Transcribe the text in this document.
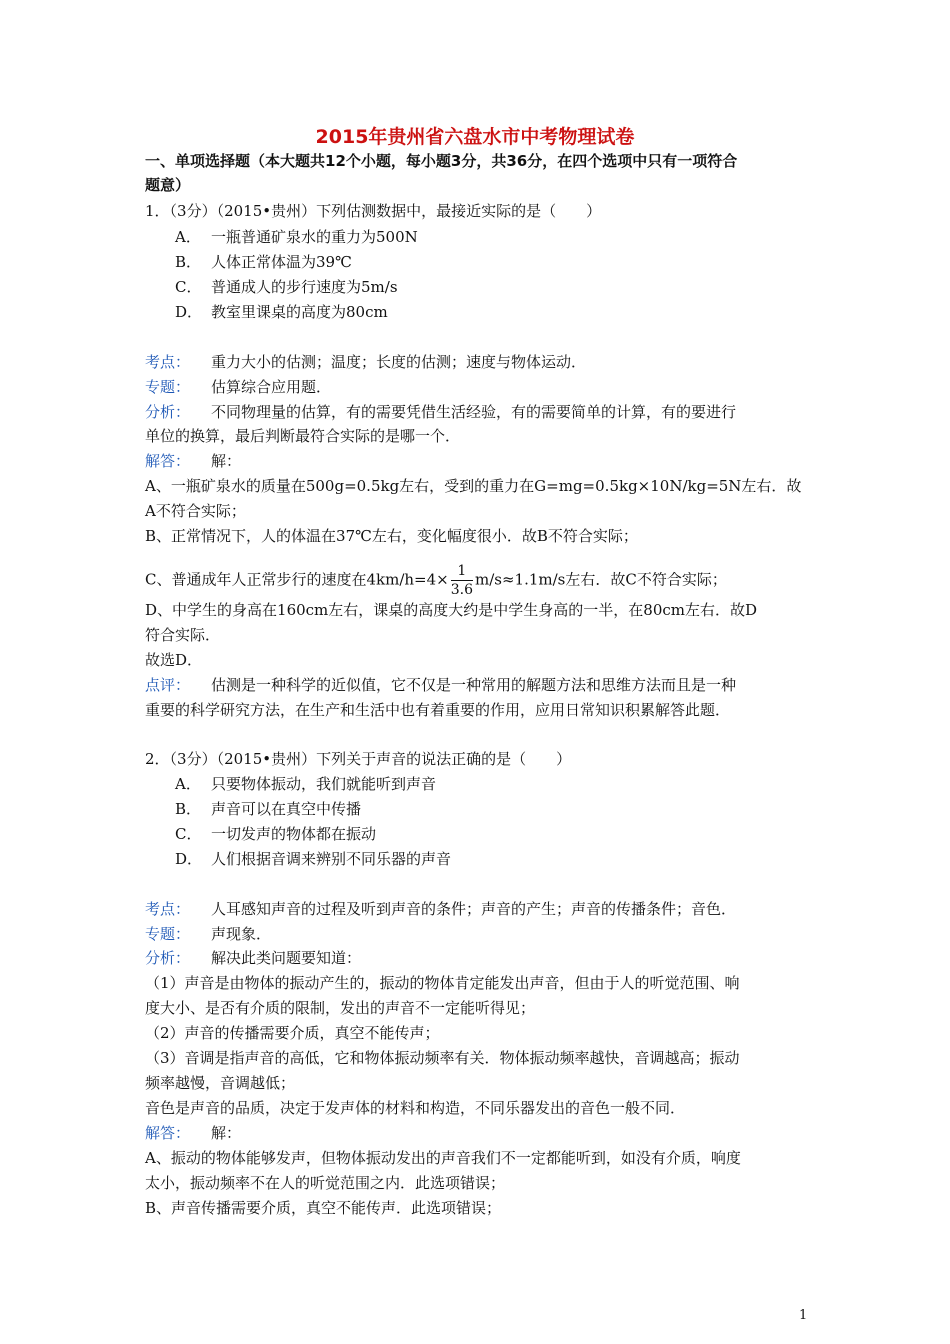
2015年贵州省六盘水市中考物理试卷
一、单项选择题（本大题共12个小题，每小题3分，共36分，在四个选项中只有一项符合
题意）
1．（3分）（2015•贵州）下列估测数据中，最接近实际的是（　　）
A． 一瓶普通矿泉水的重力为500N
B． 人体正常体温为39℃
C． 普通成人的步行速度为5m/s
D． 教室里课桌的高度为80cm
考点： 重力大小的估测；温度；长度的估测；速度与物体运动．
专题： 估算综合应用题．
分析： 不同物理量的估算，有的需要凭借生活经验，有的需要简单的计算，有的要进行
单位的换算，最后判断最符合实际的是哪一个．
解答： 解：
A、一瓶矿泉水的质量在500g=0.5kg左右，受到的重力在G=mg=0.5kg×10N/kg=5N左右．故
A不符合实际；
B、正常情况下，人的体温在37℃左右，变化幅度很小．故B不符合实际；
C、普通成年人正常步行的速度在$4km/h=4\times \frac{1}{3.6} m/s\approx 1.1m/s$左右．故C不符合实际；
D、中学生的身高在160cm左右，课桌的高度大约是中学生身高的一半，在80cm左右．故D
符合实际．
故选D．
点评： 估测是一种科学的近似值，它不仅是一种常用的解题方法和思维方法而且是一种
重要的科学研究方法，在生产和生活中也有着重要的作用，应用日常知识积累解答此题．
2．（3分）（2015•贵州）下列关于声音的说法正确的是（　　）
A． 只要物体振动，我们就能听到声音
B． 声音可以在真空中传播
C． 一切发声的物体都在振动
D． 人们根据音调来辨别不同乐器的声音
考点： 人耳感知声音的过程及听到声音的条件；声音的产生；声音的传播条件；音色．
专题： 声现象．
分析： 解决此类问题要知道：
（1）声音是由物体的振动产生的，振动的物体肯定能发出声音，但由于人的听觉范围、响
度大小、是否有介质的限制，发出的声音不一定能听得见；
（2）声音的传播需要介质，真空不能传声；
（3）音调是指声音的高低，它和物体振动频率有关．物体振动频率越快，音调越高；振动
频率越慢，音调越低；
音色是声音的品质，决定于发声体的材料和构造，不同乐器发出的音色一般不同．
解答： 解：
A、振动的物体能够发声，但物体振动发出的声音我们不一定都能听到，如没有介质，响度
太小，振动频率不在人的听觉范围之内．此选项错误；
B、声音传播需要介质，真空不能传声．此选项错误；
1
